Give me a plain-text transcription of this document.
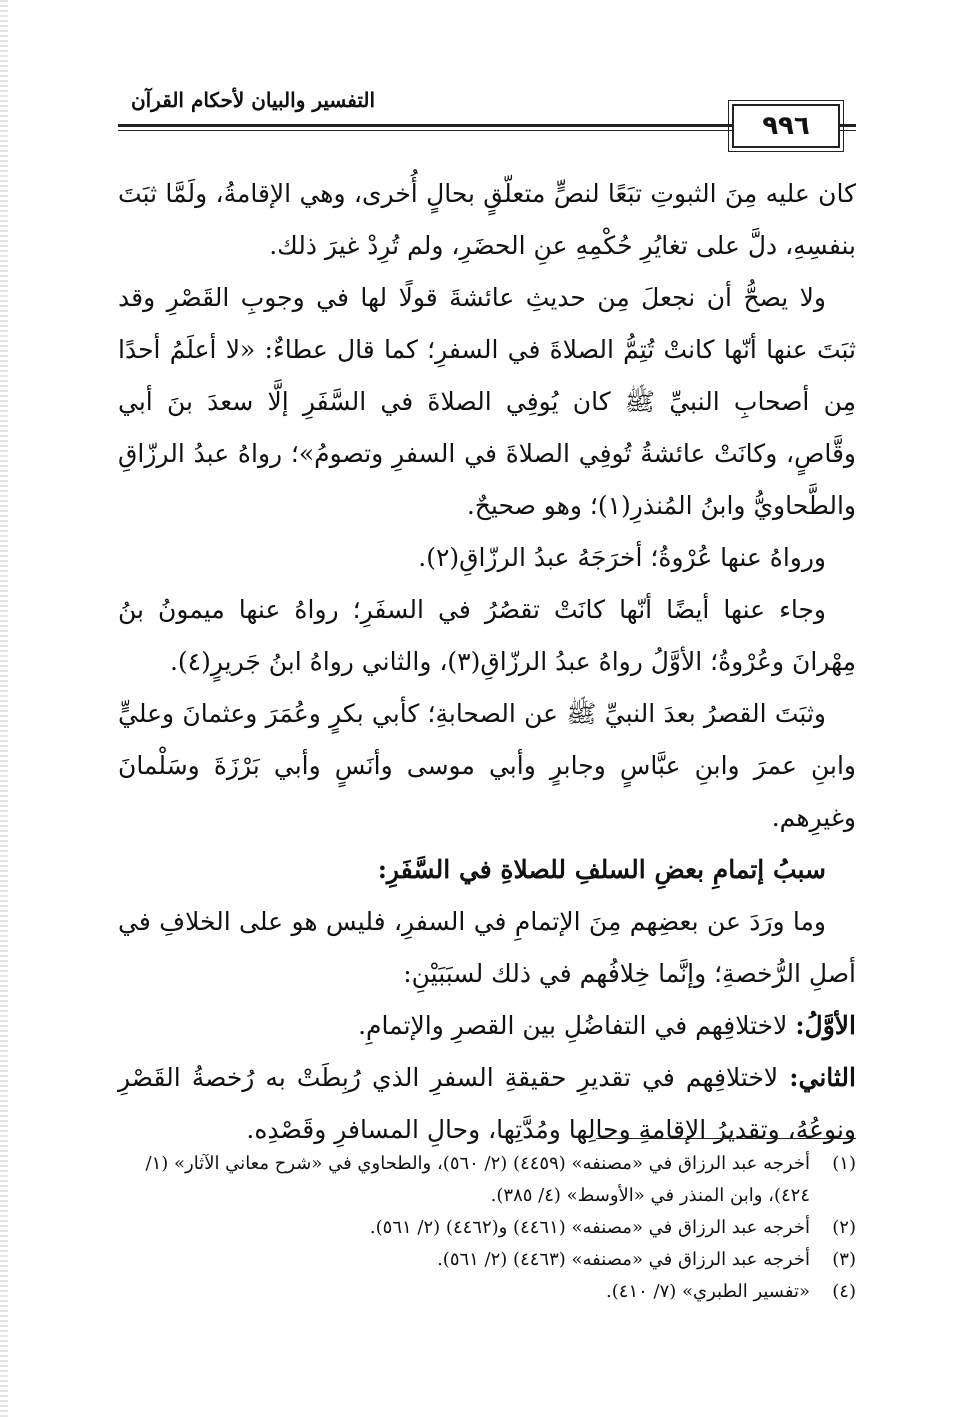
التفسير والبيان لأحكام القرآن
٩٩٦

كان عليه مِنَ الثبوتِ تبَعًا لنصٍّ متعلّقٍ بحالٍ أُخرى، وهي الإقامةُ، ولَمَّا ثبَتَ بنفسِهِ، دلَّ على تغايُرِ حُكْمِهِ عنِ الحضَرِ، ولم تُرِدْ غيرَ ذلك.

ولا يصحُّ أن نجعلَ مِن حديثِ عائشةَ قولًا لها في وجوبِ القَصْرِ وقد ثبَتَ عنها أنّها كانتْ تُتِمُّ الصلاةَ في السفرِ؛ كما قال عطاءٌ: «لا أعلَمُ أحدًا مِن أصحابِ النبيِّ ﷺ كان يُوفِي الصلاةَ في السَّفَرِ إلَّا سعدَ بنَ أبي وقَّاصٍ، وكانَتْ عائشةُ تُوفِي الصلاةَ في السفرِ وتصومُ»؛ رواهُ عبدُ الرزّاقِ والطَّحاويُّ وابنُ المُنذرِ(١)؛ وهو صحيحٌ.

ورواهُ عنها عُرْوةُ؛ أخرَجَهُ عبدُ الرزّاقِ(٢).

وجاء عنها أيضًا أنّها كانَتْ تقصُرُ في السفَرِ؛ رواهُ عنها ميمونُ بنُ مِهْرانَ وعُرْوةُ؛ الأوَّلُ رواهُ عبدُ الرزّاقِ(٣)، والثاني رواهُ ابنُ جَريرٍ(٤).

وثبَتَ القصرُ بعدَ النبيِّ ﷺ عن الصحابةِ؛ كأبي بكرٍ وعُمَرَ وعثمانَ وعليٍّ وابنِ عمرَ وابنِ عبَّاسٍ وجابرٍ وأبي موسى وأنَسٍ وأبي بَرْزَةَ وسَلْمانَ وغيرِهم.

سببُ إتمامِ بعضِ السلفِ للصلاةِ في السَّفَرِ:

وما ورَدَ عن بعضِهم مِنَ الإتمامِ في السفرِ، فليس هو على الخلافِ في أصلِ الرُّخصةِ؛ وإنَّما خِلافُهم في ذلك لسبَبَيْنِ:

الأوَّلُ: لاختلافِهم في التفاضُلِ بين القصرِ والإتمامِ.

الثاني: لاختلافِهم في تقديرِ حقيقةِ السفرِ الذي رُبِطَتْ به رُخصةُ القَصْرِ ونوعُهُ، وتقديرُ الإقامةِ وحالِها ومُدَّتِها، وحالِ المسافرِ وقَصْدِه.

(١)
أخرجه عبد الرزاق في «مصنفه» (٤٤٥٩) (٢/ ٥٦٠)، والطحاوي في «شرح معاني الآثار» (١/ ٤٢٤)، وابن المنذر في «الأوسط» (٤/ ٣٨٥).
(٢)
أخرجه عبد الرزاق في «مصنفه» (٤٤٦١) و(٤٤٦٢) (٢/ ٥٦١).
(٣)
أخرجه عبد الرزاق في «مصنفه» (٤٤٦٣) (٢/ ٥٦١).
(٤)
«تفسير الطبري» (٧/ ٤١٠).
